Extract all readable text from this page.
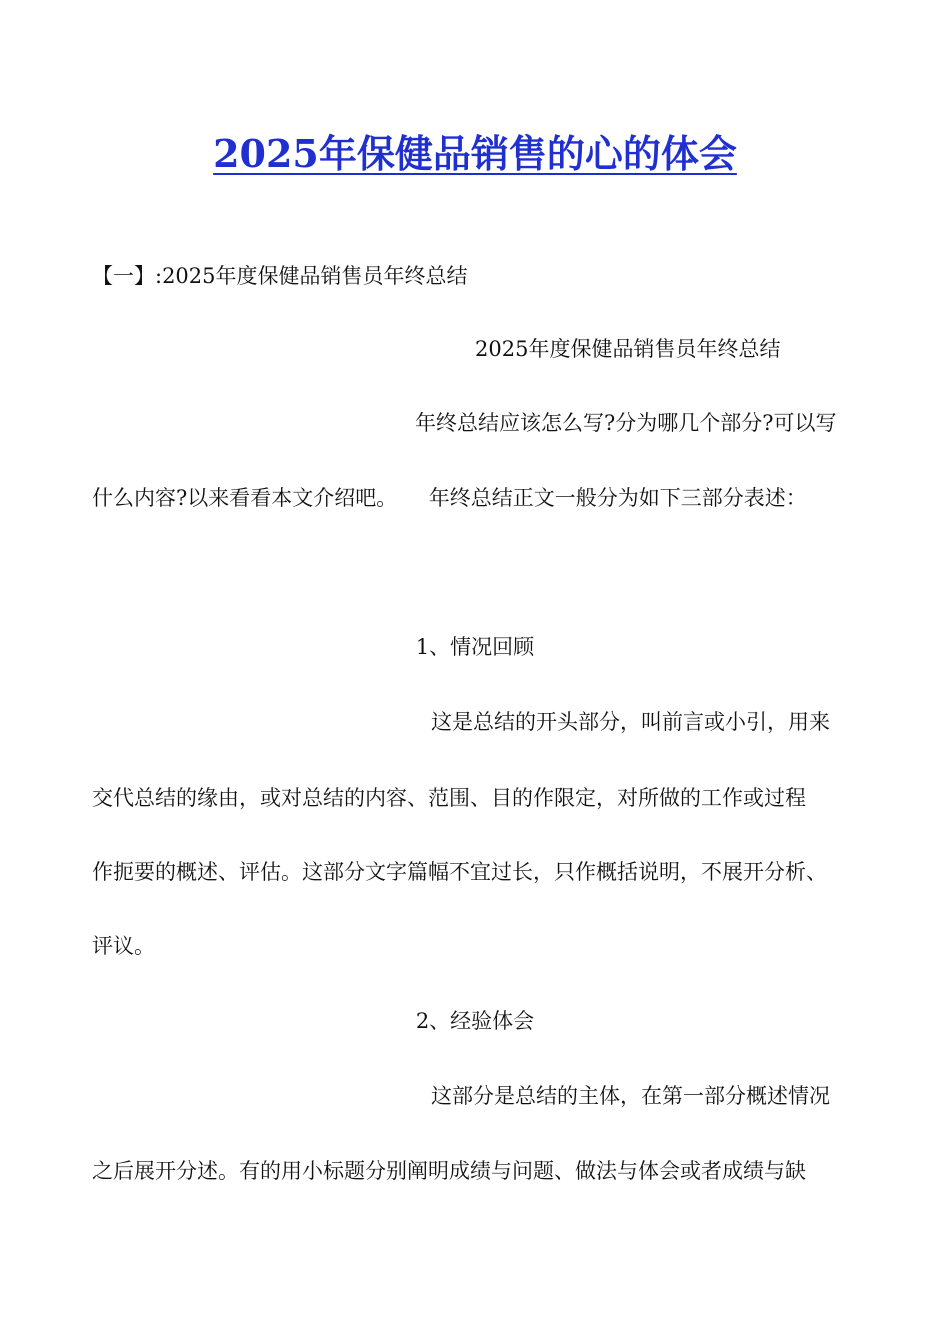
2025年保健品销售的心的体会
【一】:2025年度保健品销售员年终总结
2025年度保健品销售员年终总结
年终总结应该怎么写?分为哪几个部分?可以写
什么内容?以来看看本文介绍吧。　　年终总结正文一般分为如下三部分表述：
1、情况回顾
这是总结的开头部分，叫前言或小引，用来
交代总结的缘由，或对总结的内容、范围、目的作限定，对所做的工作或过程
作扼要的概述、评估。这部分文字篇幅不宜过长，只作概括说明，不展开分析、
评议。
2、经验体会
这部分是总结的主体，在第一部分概述情况
之后展开分述。有的用小标题分别阐明成绩与问题、做法与体会或者成绩与缺
